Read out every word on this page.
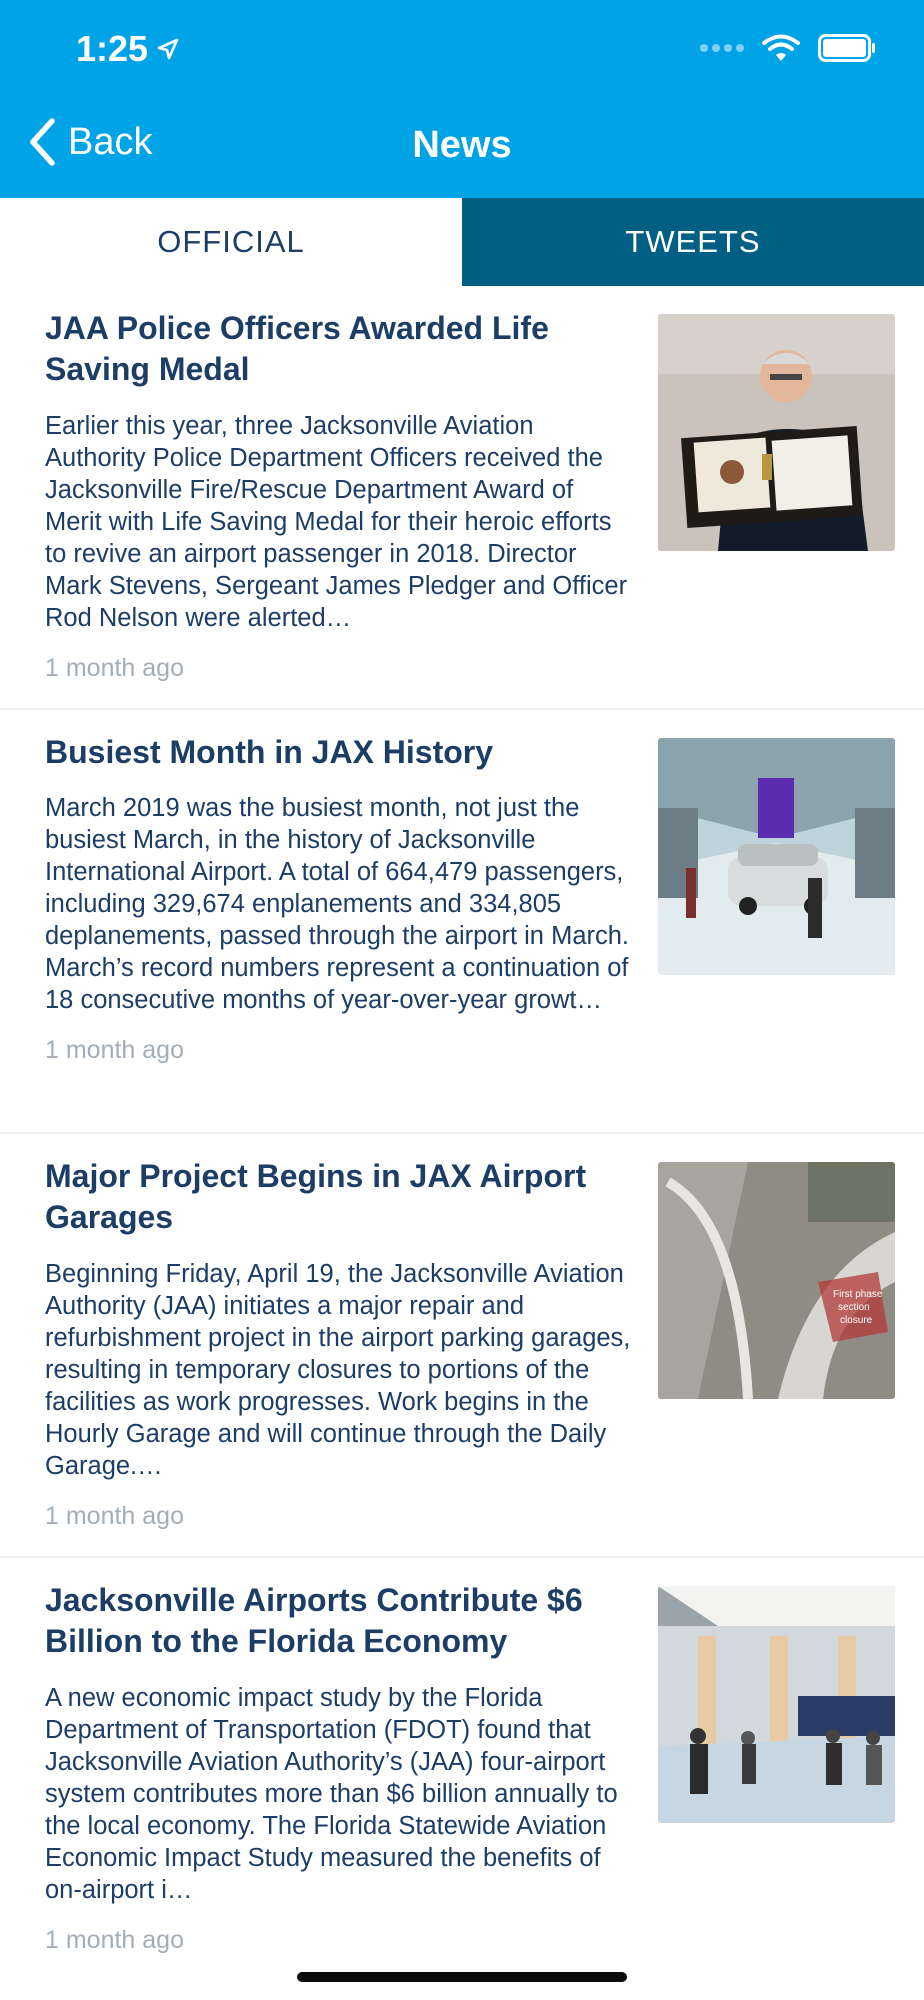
1:25
Back	News
OFFICIAL	TWEETS
JAA Police Officers Awarded Life Saving Medal
Earlier this year, three Jacksonville Aviation Authority Police Department Officers received the Jacksonville Fire/Rescue Department Award of Merit with Life Saving Medal for their heroic efforts to revive an airport passenger in 2018. Director Mark Stevens, Sergeant James Pledger and Officer Rod Nelson were alerted…
1 month ago
Busiest Month in JAX History
March 2019 was the busiest month, not just the busiest March, in the history of Jacksonville International Airport. A total of 664,479 passengers, including 329,674 enplanements and 334,805 deplanements, passed through the airport in March. March’s record numbers represent a continuation of 18 consecutive months of year-over-year growt…
1 month ago
Major Project Begins in JAX Airport Garages
Beginning Friday, April 19, the Jacksonville Aviation Authority (JAA) initiates a major repair and refurbishment project in the airport parking garages, resulting in temporary closures to portions of the facilities as work progresses. Work begins in the Hourly Garage and will continue through the Daily Garage.…
1 month ago
First phase
section
closure
Jacksonville Airports Contribute $6 Billion to the Florida Economy
A new economic impact study by the Florida Department of Transportation (FDOT) found that Jacksonville Aviation Authority’s (JAA) four-airport system contributes more than $6 billion annually to the local economy. The Florida Statewide Aviation Economic Impact Study measured the benefits of on-airport i…
1 month ago
